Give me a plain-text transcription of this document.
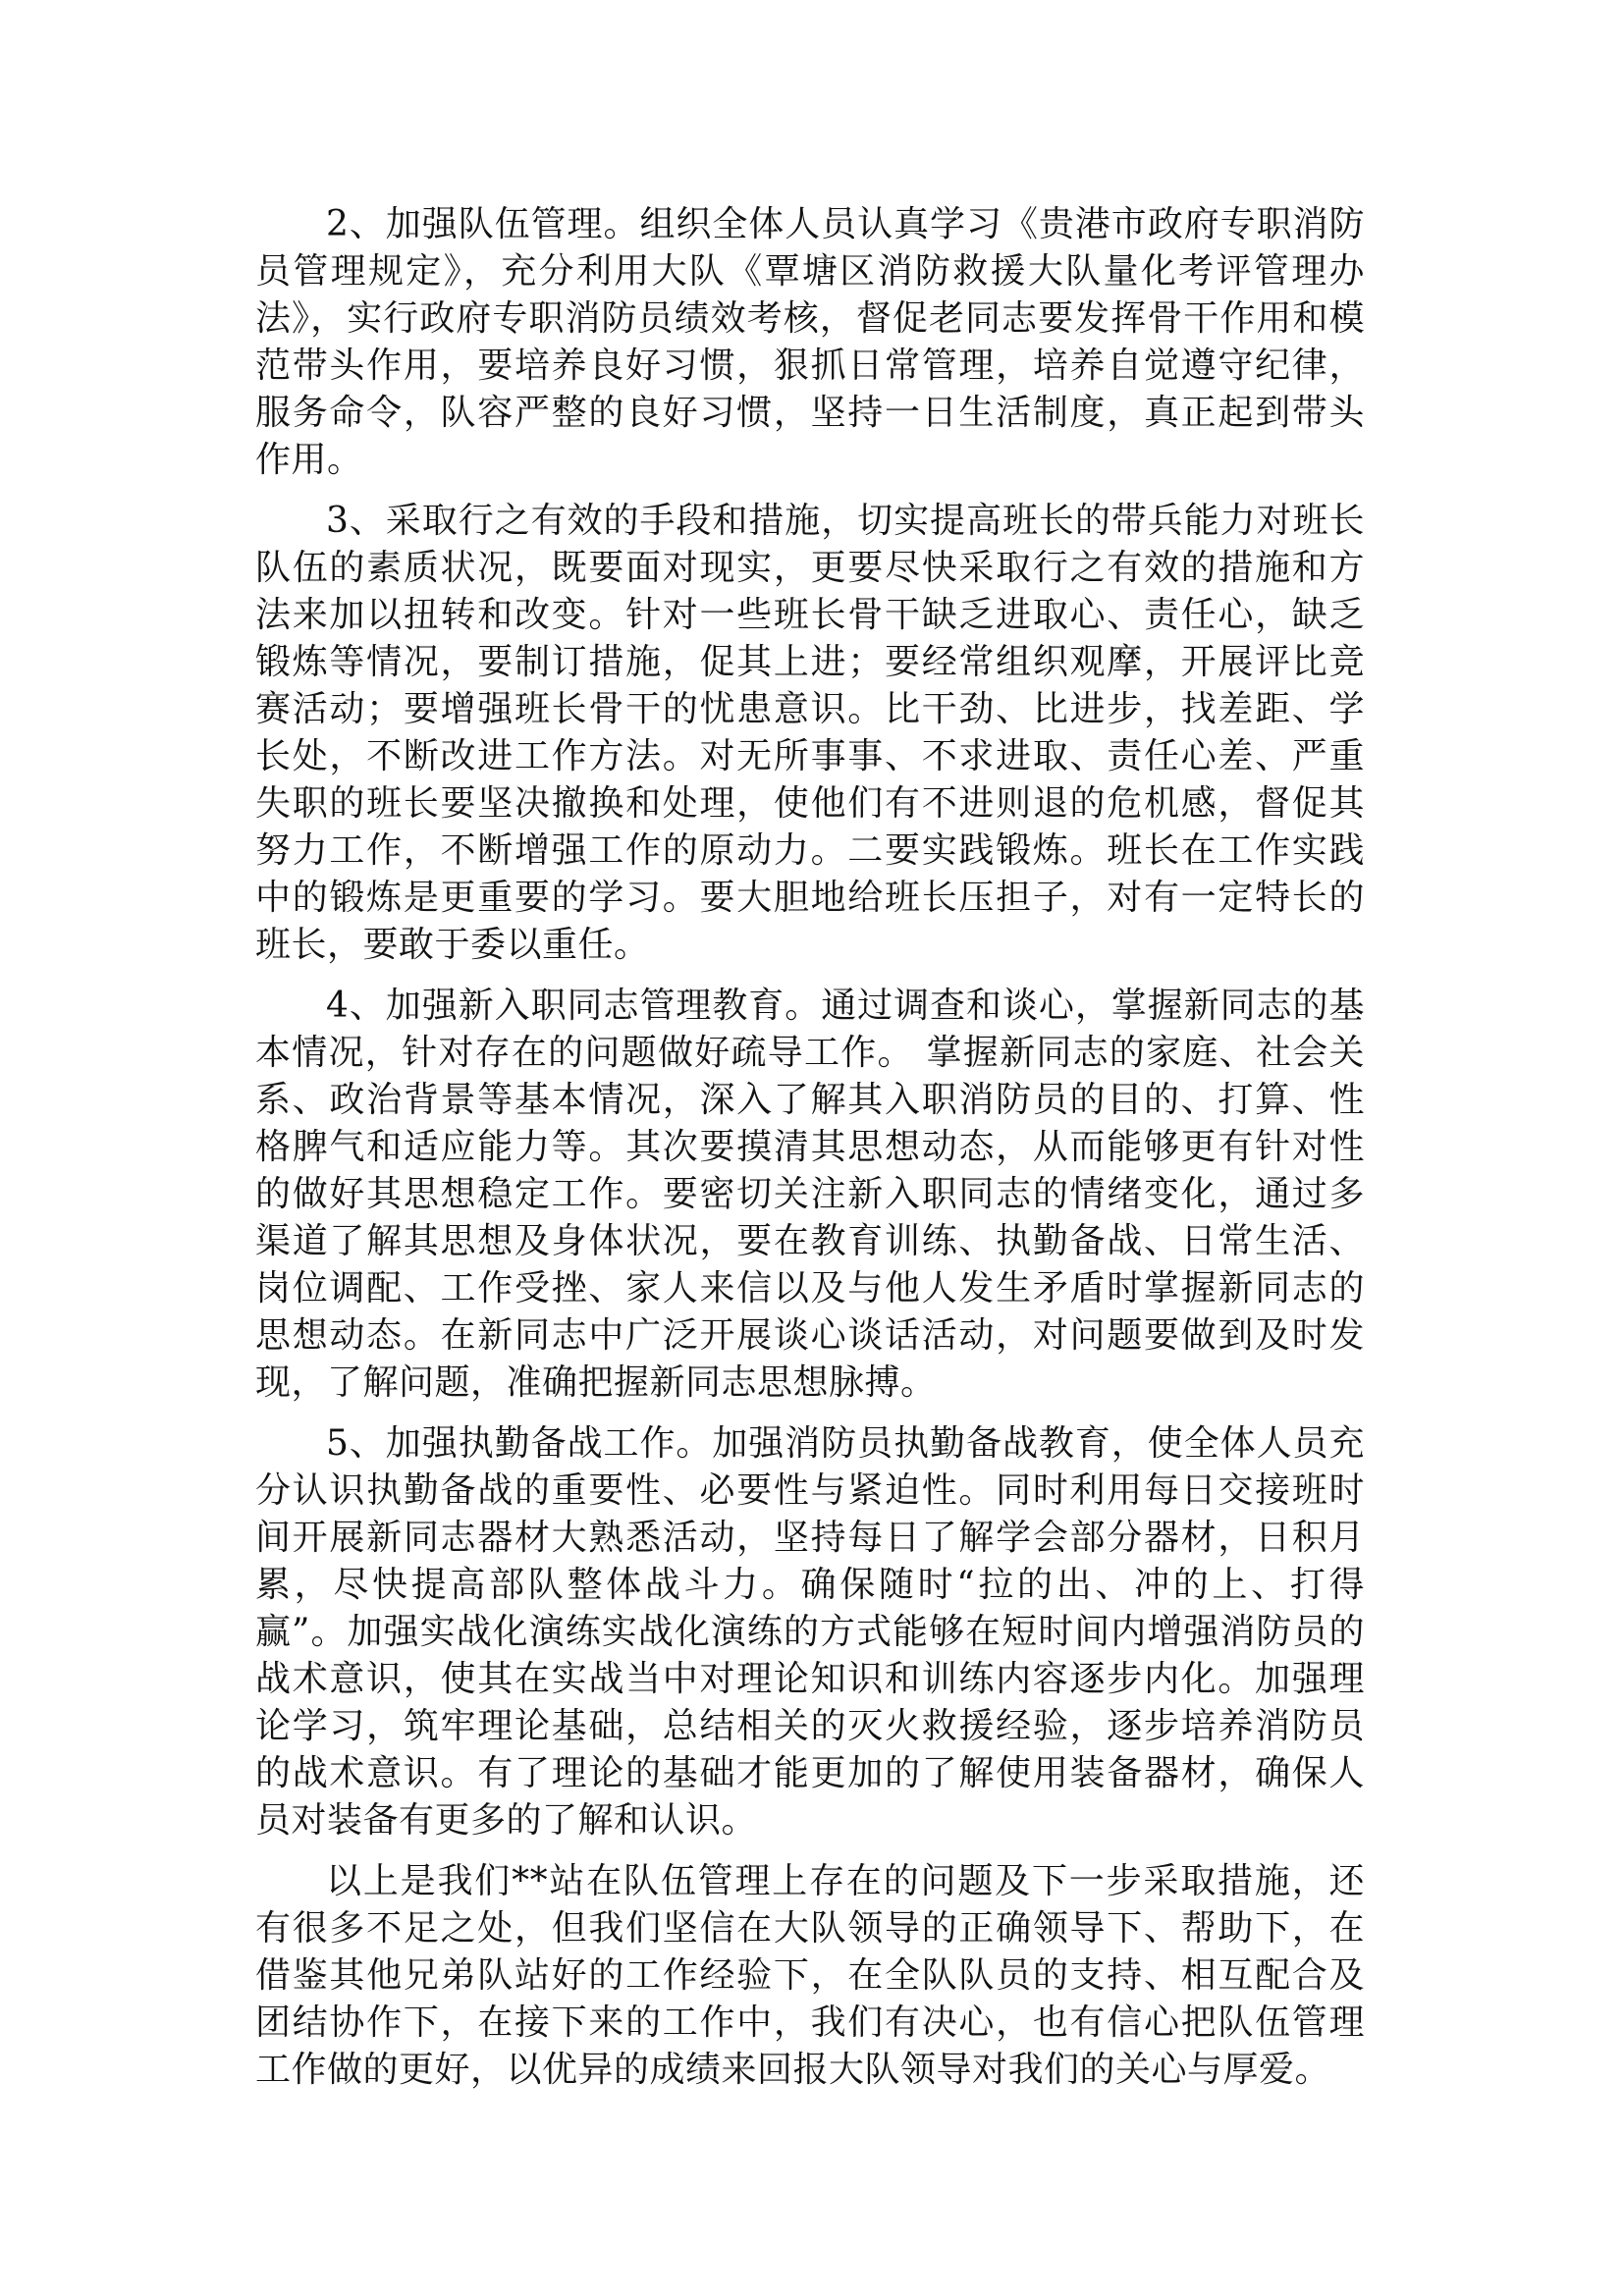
2、加强队伍管理。组织全体人员认真学习《贵港市政府专职消防员管理规定》，充分利用大队《覃塘区消防救援大队量化考评管理办法》，实行政府专职消防员绩效考核，督促老同志要发挥骨干作用和模范带头作用，要培养良好习惯，狠抓日常管理，培养自觉遵守纪律，服务命令，队容严整的良好习惯，坚持一日生活制度，真正起到带头作用。

3、采取行之有效的手段和措施，切实提高班长的带兵能力对班长队伍的素质状况，既要面对现实，更要尽快采取行之有效的措施和方法来加以扭转和改变。针对一些班长骨干缺乏进取心、责任心，缺乏锻炼等情况，要制订措施，促其上进；要经常组织观摩，开展评比竞赛活动；要增强班长骨干的忧患意识。比干劲、比进步，找差距、学长处，不断改进工作方法。对无所事事、不求进取、责任心差、严重失职的班长要坚决撤换和处理，使他们有不进则退的危机感，督促其努力工作，不断增强工作的原动力。二要实践锻炼。班长在工作实践中的锻炼是更重要的学习。要大胆地给班长压担子，对有一定特长的班长，要敢于委以重任。

4、加强新入职同志管理教育。通过调查和谈心，掌握新同志的基本情况，针对存在的问题做好疏导工作。 掌握新同志的家庭、社会关系、政治背景等基本情况，深入了解其入职消防员的目的、打算、性格脾气和适应能力等。其次要摸清其思想动态，从而能够更有针对性的做好其思想稳定工作。要密切关注新入职同志的情绪变化，通过多渠道了解其思想及身体状况，要在教育训练、执勤备战、日常生活、岗位调配、工作受挫、家人来信以及与他人发生矛盾时掌握新同志的思想动态。在新同志中广泛开展谈心谈话活动，对问题要做到及时发现，了解问题，准确把握新同志思想脉搏。

5、加强执勤备战工作。加强消防员执勤备战教育，使全体人员充分认识执勤备战的重要性、必要性与紧迫性。同时利用每日交接班时间开展新同志器材大熟悉活动，坚持每日了解学会部分器材，日积月累，尽快提高部队整体战斗力。确保随时“拉的出、冲的上、打得赢”。加强实战化演练实战化演练的方式能够在短时间内增强消防员的战术意识，使其在实战当中对理论知识和训练内容逐步内化。加强理论学习，筑牢理论基础，总结相关的灭火救援经验，逐步培养消防员的战术意识。有了理论的基础才能更加的了解使用装备器材，确保人员对装备有更多的了解和认识。

以上是我们**站在队伍管理上存在的问题及下一步采取措施，还有很多不足之处，但我们坚信在大队领导的正确领导下、帮助下，在借鉴其他兄弟队站好的工作经验下，在全队队员的支持、相互配合及团结协作下，在接下来的工作中，我们有决心，也有信心把队伍管理工作做的更好，以优异的成绩来回报大队领导对我们的关心与厚爱。
